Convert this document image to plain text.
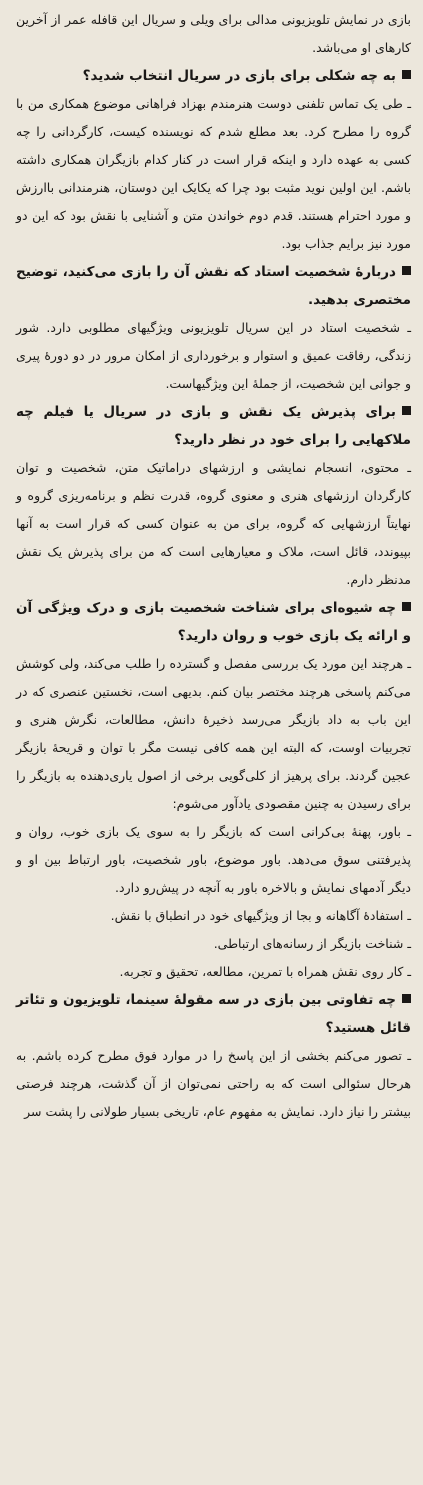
بازی در نمایش تلویزیونی مدالی برای ویلی و سریال این قافله عمر از آخرین کارهای او می‌باشد.

به چه شکلی برای بازی در سریال انتخاب شدید؟

ـ طی یک تماس تلفنی دوست هنرمندم بهزاد فراهانی موضوع همکاری من با گروه را مطرح کرد. بعد مطلع شدم که نویسنده کیست، کارگردانی را چه کسی به عهده دارد و اینکه قرار است در کنار کدام بازیگران همکاری داشته باشم. این اولین نوید مثبت بود چرا که یکایک این دوستان، هنرمندانی باارزش و مورد احترام هستند. قدم دوم خواندن متن و آشنایی با نقش بود که این دو مورد نیز برایم جذاب بود.

دربارهٔ شخصیت استاد که نقش آن را بازی می‌کنید، توضیح مختصری بدهید.

ـ شخصیت استاد در این سریال تلویزیونی ویژگیهای مطلوبی دارد. شور زندگی، رفاقت عمیق و استوار و برخورداری از امکان مرور در دو دورهٔ پیری و جوانی این شخصیت، از جملهٔ این ویژگیهاست.

برای پذیرش یک نقش و بازی در سریال یا فیلم چه ملاکهایی را برای خود در نظر دارید؟

ـ محتوی، انسجام نمایشی و ارزشهای دراماتیک متن، شخصیت و توان کارگردان ارزشهای هنری و معنوی گروه، قدرت نظم و برنامه‌ریزی گروه و نهایتاً ارزشهایی که گروه، برای من به عنوان کسی که قرار است به آنها بپیوندد، قائل است، ملاک و معیارهایی است که من برای پذیرش یک نقش مدنظر دارم.

چه شیوه‌ای برای شناخت شخصیت بازی و درک ویژگی آن و ارائه یک بازی خوب و روان دارید؟

ـ هرچند این مورد یک بررسی مفصل و گسترده را طلب می‌کند، ولی کوشش می‌کنم پاسخی هرچند مختصر بیان کنم. بدیهی است، نخستین عنصری که در این باب به داد بازیگر می‌رسد ذخیرهٔ دانش، مطالعات، نگرش هنری و تجربیات اوست، که البته این همه کافی نیست مگر با توان و قریحهٔ بازیگر عجین گردند. برای پرهیز از کلی‌گویی برخی از اصول یاری‌دهنده به بازیگر را برای رسیدن به چنین مقصودی یادآور می‌شوم:

ـ باور، پهنهٔ بی‌کرانی است که بازیگر را به سوی یک بازی خوب، روان و پذیرفتنی سوق می‌دهد. باور موضوع، باور شخصیت، باور ارتباط بین او و دیگر آدمهای نمایش و بالاخره باور به آنچه در پیش‌رو دارد.

ـ استفادهٔ آگاهانه و بجا از ویژگیهای خود در انطباق با نقش.

ـ شناخت بازیگر از رسانه‌های ارتباطی.

ـ کار روی نقش همراه با تمرین، مطالعه، تحقیق و تجربه.

چه تفاوتی بین بازی در سه مقولهٔ سینما، تلویزیون و تئاتر قائل هستید؟

ـ تصور می‌کنم بخشی از این پاسخ را در موارد فوق مطرح کرده باشم. به هرحال سئوالی است که به راحتی نمی‌توان از آن گذشت، هرچند فرصتی بیشتر را نیاز دارد. نمایش به مفهوم عام، تاریخی بسیار طولانی را پشت سر
